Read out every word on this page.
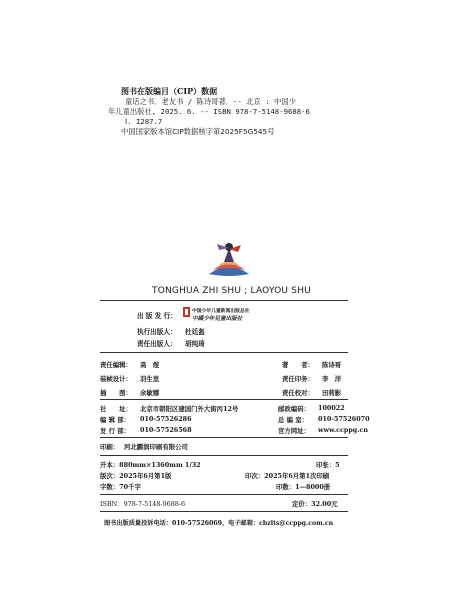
图书在版编目（CIP）数据
童话之书．老友书 / 陈诗哥著．-- 北京 : 中国少
年儿童出版社, 2025. 6. -- ISBN 978-7-5148-9688-6
Ⅰ. I287.7
中国国家版本馆CIP数据核字第2025F5G545号
TONGHUA ZHI SHU ; LAOYOU SHU
出 版 发 行：
中国少年儿童新闻出版总社
中國少年兒童出版社
执行出版人： 杜廷盔
责任出版人： 胡纯琦
责任编辑： 高　煜	著　　者： 陈诗哥
装帧设计： 羽生里	责任印务： 李　洋
插　　图： 余敏娜	责任校对： 田莉影
社　　址： 北京市朝阳区建国门外大街丙12号	邮政编码： 100022
编 辑 部： 010-57526286	总 编 室： 010-57526070
发 行 部： 010-57526568	官方网址： www.ccppg.cn
印刷： 河北鹏润印刷有限公司
开本：880mm×1360mm 1/32	印张：5
版次：2025年6月第1版	印次：2025年6月第1次印刷
字数：70千字	印数：1—8000册
ISBN：978-7-5148-9688-6	定价：32.00元
图书出版质量投诉电话：010-57526069，电子邮箱：cbzlts@ccppg.com.cn
